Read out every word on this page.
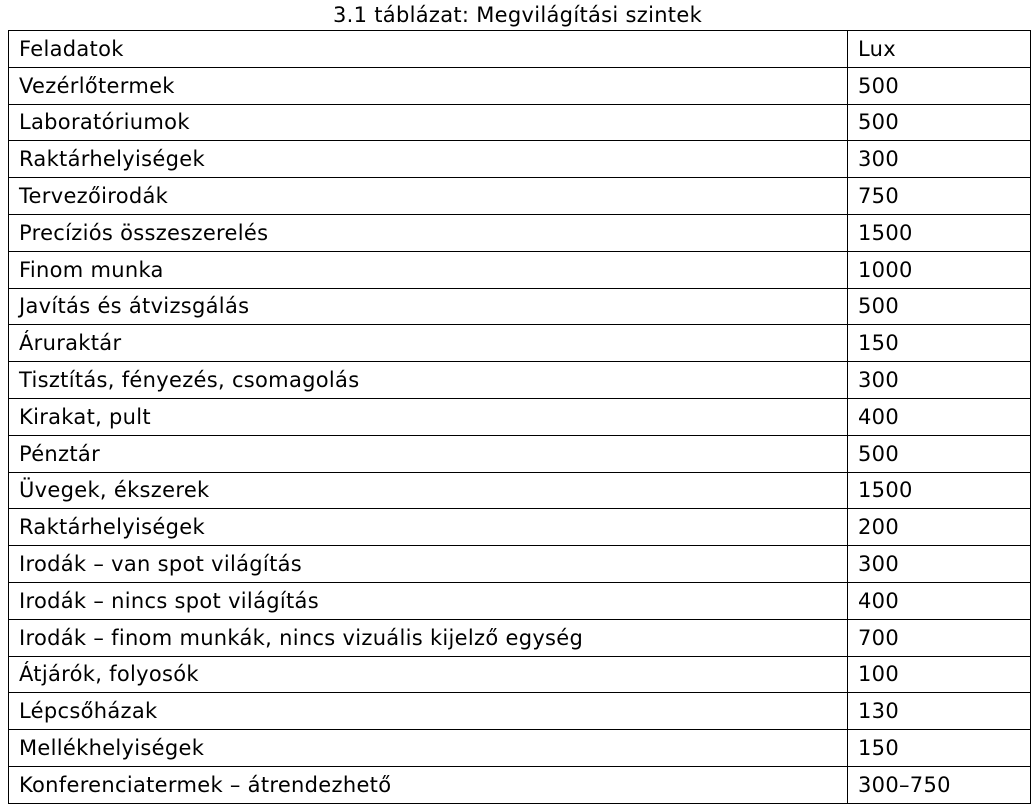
3.1 táblázat: Megvilágítási szintek
Feladatok	Lux
Vezérlőtermek	500
Laboratóriumok	500
Raktárhelyiségek	300
Tervezőirodák	750
Precíziós összeszerelés	1500
Finom munka	1000
Javítás és átvizsgálás	500
Áruraktár	150
Tisztítás, fényezés, csomagolás	300
Kirakat, pult	400
Pénztár	500
Üvegek, ékszerek	1500
Raktárhelyiségek	200
Irodák – van spot világítás	300
Irodák – nincs spot világítás	400
Irodák – finom munkák, nincs vizuális kijelző egység	700
Átjárók, folyosók	100
Lépcsőházak	130
Mellékhelyiségek	150
Konferenciatermek – átrendezhető	300–750
